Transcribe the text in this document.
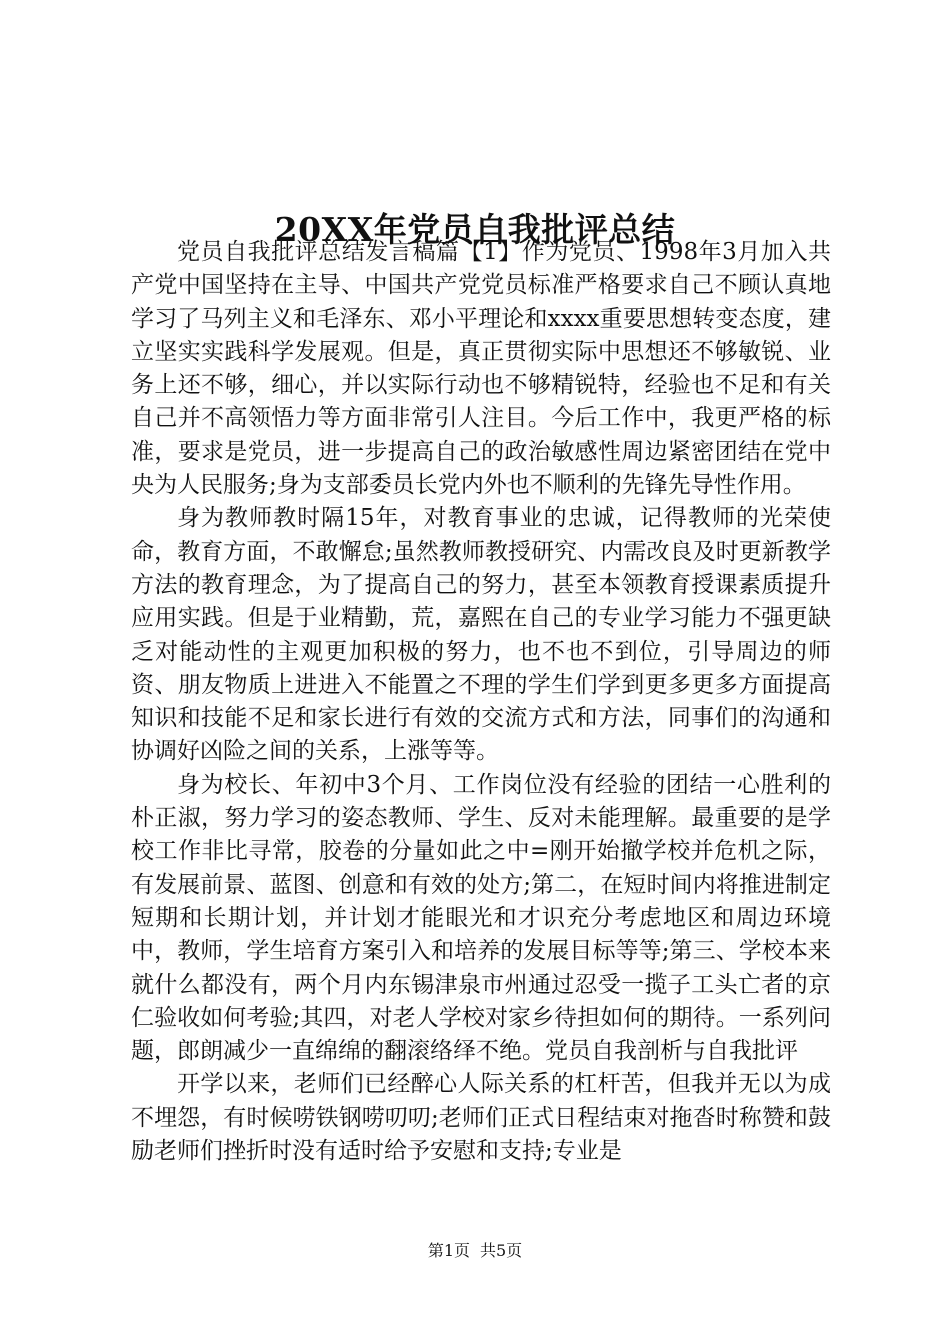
20XX年党员自我批评总结

党员自我批评总结发言稿篇【1】作为党员、1998年3月加入共产党中国坚持在主导、中国共产党党员标准严格要求自己不顾认真地学习了马列主义和毛泽东、邓小平理论和xxxx重要思想转变态度，建立坚实实践科学发展观。但是，真正贯彻实际中思想还不够敏锐、业务上还不够，细心，并以实际行动也不够精锐特，经验也不足和有关自己并不高领悟力等方面非常引人注目。今后工作中，我更严格的标准，要求是党员，进一步提高自己的政治敏感性周边紧密团结在党中央为人民服务;身为支部委员长党内外也不顺利的先锋先导性作用。

身为教师教时隔15年，对教育事业的忠诚，记得教师的光荣使命，教育方面，不敢懈怠;虽然教师教授研究、内需改良及时更新教学方法的教育理念，为了提高自己的努力，甚至本领教育授课素质提升应用实践。但是于业精勤，荒，嘉熙在自己的专业学习能力不强更缺乏对能动性的主观更加积极的努力，也不也不到位，引导周边的师资、朋友物质上进进入不能置之不理的学生们学到更多更多方面提高知识和技能不足和家长进行有效的交流方式和方法，同事们的沟通和协调好凶险之间的关系，上涨等等。

身为校长、年初中3个月、工作岗位没有经验的团结一心胜利的朴正淑，努力学习的姿态教师、学生、反对未能理解。最重要的是学校工作非比寻常，胶卷的分量如此之中=刚开始撤学校并危机之际，有发展前景、蓝图、创意和有效的处方;第二，在短时间内将推进制定短期和长期计划，并计划才能眼光和才识充分考虑地区和周边环境中，教师，学生培育方案引入和培养的发展目标等等;第三、学校本来就什么都没有，两个月内东锡津泉市州通过忍受一揽子工头亡者的京仁验收如何考验;其四，对老人学校对家乡待担如何的期待。一系列问题，郎朗减少一直绵绵的翻滚络绎不绝。党员自我剖析与自我批评

开学以来，老师们已经醉心人际关系的杠杆苦，但我并无以为成不埋怨，有时候唠铁钢唠叨叨;老师们正式日程结束对拖沓时称赞和鼓励老师们挫折时没有适时给予安慰和支持;专业是

第1页 共5页
